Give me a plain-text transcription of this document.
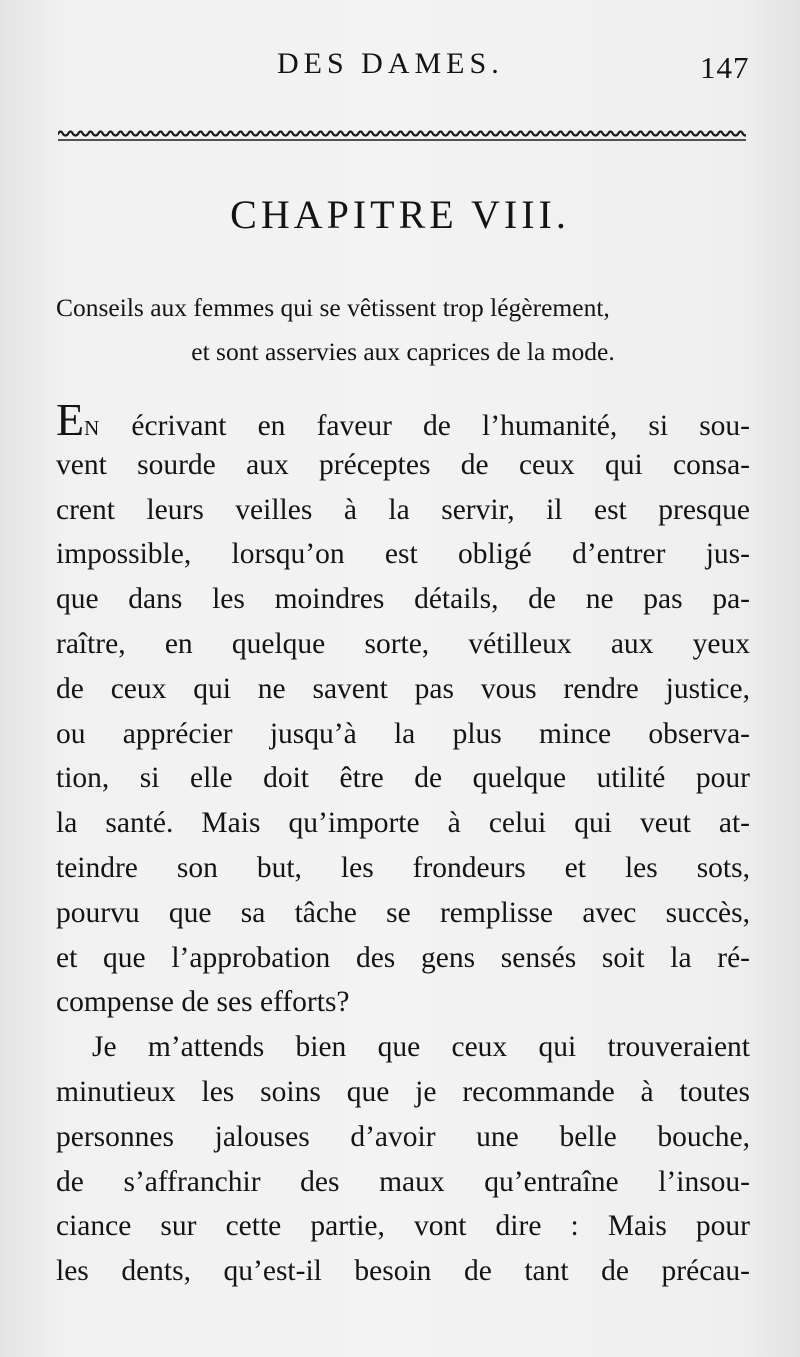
DES DAMES.	147
CHAPITRE VIII.
Conseils aux femmes qui se vêtissent trop légèrement,
et sont asservies aux caprices de la mode.
EN écrivant en faveur de l’humanité, si sou-
vent sourde aux préceptes de ceux qui consa-
crent leurs veilles à la servir, il est presque
impossible, lorsqu’on est obligé d’entrer jus-
que dans les moindres détails, de ne pas pa-
raître, en quelque sorte, vétilleux aux yeux
de ceux qui ne savent pas vous rendre justice,
ou apprécier jusqu’à la plus mince observa-
tion, si elle doit être de quelque utilité pour
la santé. Mais qu’importe à celui qui veut at-
teindre son but, les frondeurs et les sots,
pourvu que sa tâche se remplisse avec succès,
et que l’approbation des gens sensés soit la ré-
compense de ses efforts?
Je m’attends bien que ceux qui trouveraient
minutieux les soins que je recommande à toutes
personnes jalouses d’avoir une belle bouche,
de s’affranchir des maux qu’entraîne l’insou-
ciance sur cette partie, vont dire : Mais pour
les dents, qu’est-il besoin de tant de précau-
